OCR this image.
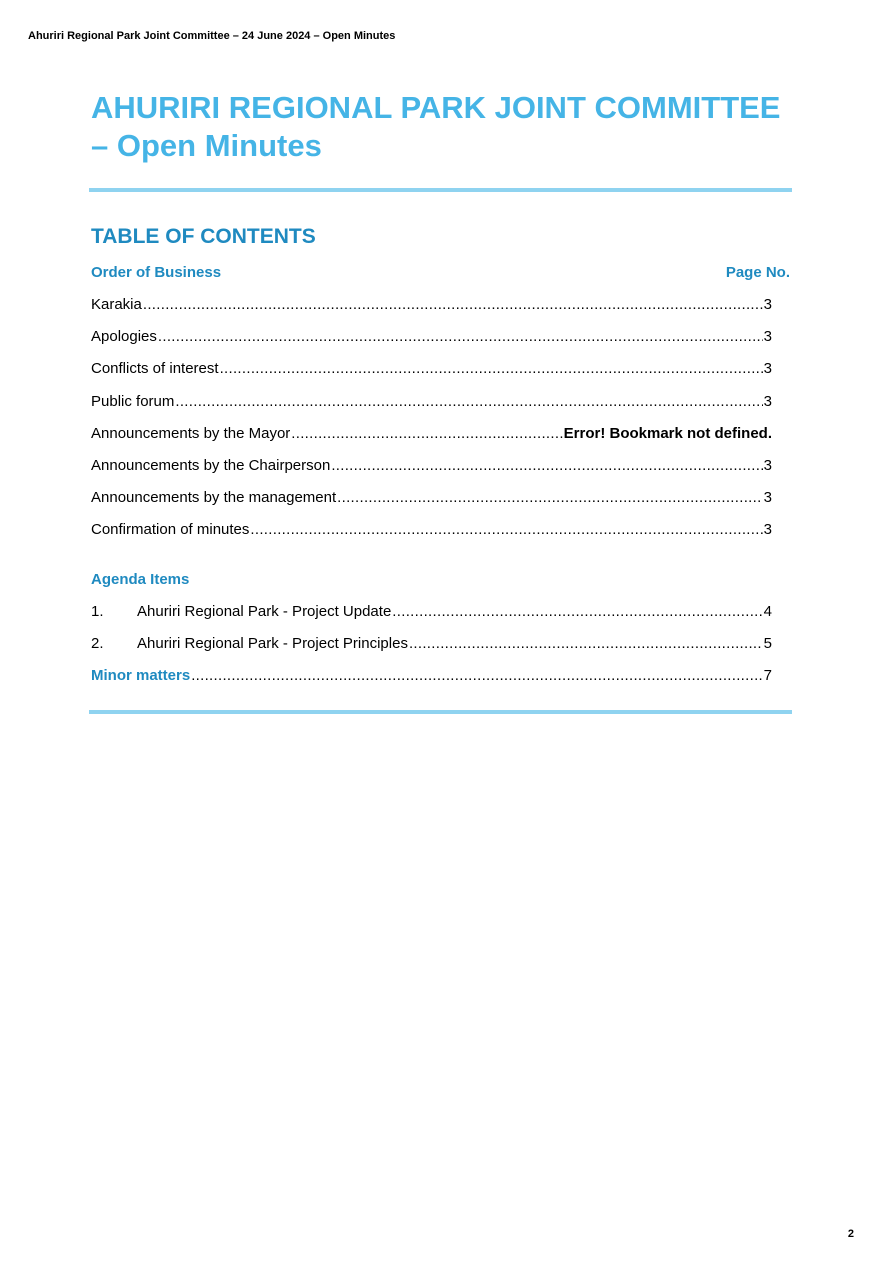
Ahuriri Regional Park Joint Committee – 24 June 2024 – Open Minutes
AHURIRI REGIONAL PARK JOINT COMMITTEE
– Open Minutes
TABLE OF CONTENTS
Order of Business	Page No.
Karakia .....	3
Apologies .....	3
Conflicts of interest .....	3
Public forum .....	3
Announcements by the Mayor .....	Error! Bookmark not defined.
Announcements by the Chairperson .....	3
Announcements by the management .....	3
Confirmation of minutes .....	3
Agenda Items
1.	Ahuriri Regional Park - Project Update .....	4
2.	Ahuriri Regional Park - Project Principles .....	5
Minor matters .....	7
2
